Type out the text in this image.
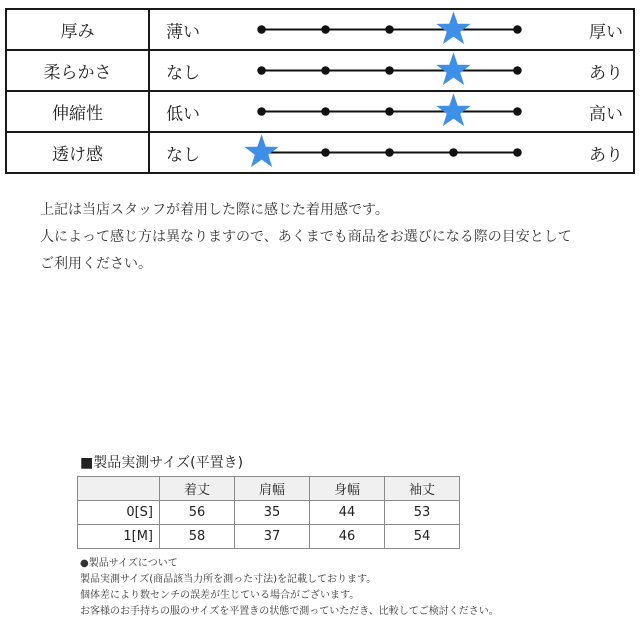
厚み	薄い 厚い

柔らかさ	なし あり

伸縮性	低い 高い

透け感	なし あり
上記は当店スタッフが着用した際に感じた着用感です。
人によって感じ方は異なりますので、あくまでも商品をお選びになる際の目安として
ご利用ください。
■製品実測サイズ(平置き)
	着丈	肩幅	身幅	袖丈
0[S]	56	35	44	53
1[M]	58	37	46	54
●製品サイズについて
製品実測サイズ(商品該当力所を測った寸法)を記載しております。
個体差により数センチの誤差が生じている場合がございます。
お客様のお手持ちの服のサイズを平置きの状態で測っていただき、比較してご検討ください。
